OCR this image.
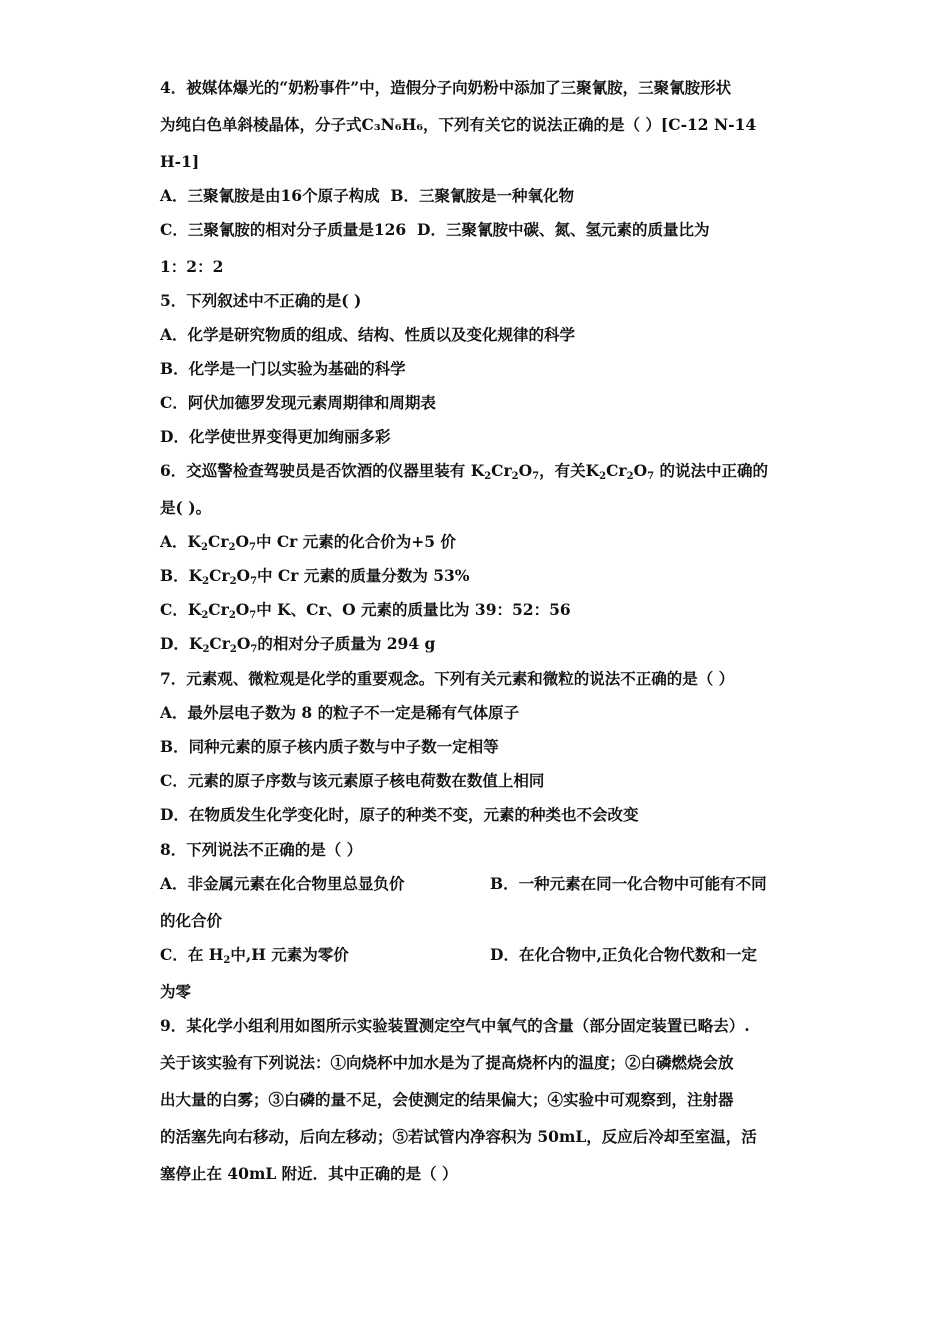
4．被媒体爆光的“奶粉事件”中，造假分子向奶粉中添加了三聚氰胺，三聚氰胺形状
为纯白色单斜棱晶体，分子式C₃N₆H₆，下列有关它的说法正确的是（ ）[C-12 N-14
H-1]
A．三聚氰胺是由16个原子构成 B．三聚氰胺是一种氧化物
C．三聚氰胺的相对分子质量是126 D．三聚氰胺中碳、氮、氢元素的质量比为
1：2：2
5．下列叙述中不正确的是( )
A．化学是研究物质的组成、结构、性质以及变化规律的科学
B．化学是一门以实验为基础的科学
C．阿伏加德罗发现元素周期律和周期表
D．化学使世界变得更加绚丽多彩
6．交巡警检查驾驶员是否饮酒的仪器里装有 $K_2Cr_2O_7$，有关$K_2Cr_2O_7$ 的说法中正确的
是( )。
A．$K_2Cr_2O_7$中 Cr 元素的化合价为+5 价
B．$K_2Cr_2O_7$中 Cr 元素的质量分数为 53%
C．$K_2Cr_2O_7$中 K、Cr、O 元素的质量比为 39：52：56
D．$K_2Cr_2O_7$的相对分子质量为 294 g
7．元素观、微粒观是化学的重要观念。下列有关元素和微粒的说法不正确的是（ ）
A．最外层电子数为 8 的粒子不一定是稀有气体原子
B．同种元素的原子核内质子数与中子数一定相等
C．元素的原子序数与该元素原子核电荷数在数值上相同
D．在物质发生化学变化时，原子的种类不变，元素的种类也不会改变
8．下列说法不正确的是（ ）
A．非金属元素在化合物里总显负价	B．一种元素在同一化合物中可能有不同
的化合价
C．在 $H_2$中,H 元素为零价	D．在化合物中,正负化合物代数和一定
为零
9．某化学小组利用如图所示实验装置测定空气中氧气的含量（部分固定装置已略去）.
关于该实验有下列说法：①向烧杯中加水是为了提高烧杯内的温度；②白磷燃烧会放
出大量的白雾；③白磷的量不足，会使测定的结果偏大；④实验中可观察到，注射器
的活塞先向右移动，后向左移动；⑤若试管内净容积为 50mL，反应后冷却至室温，活
塞停止在 40mL 附近．其中正确的是（ ）
